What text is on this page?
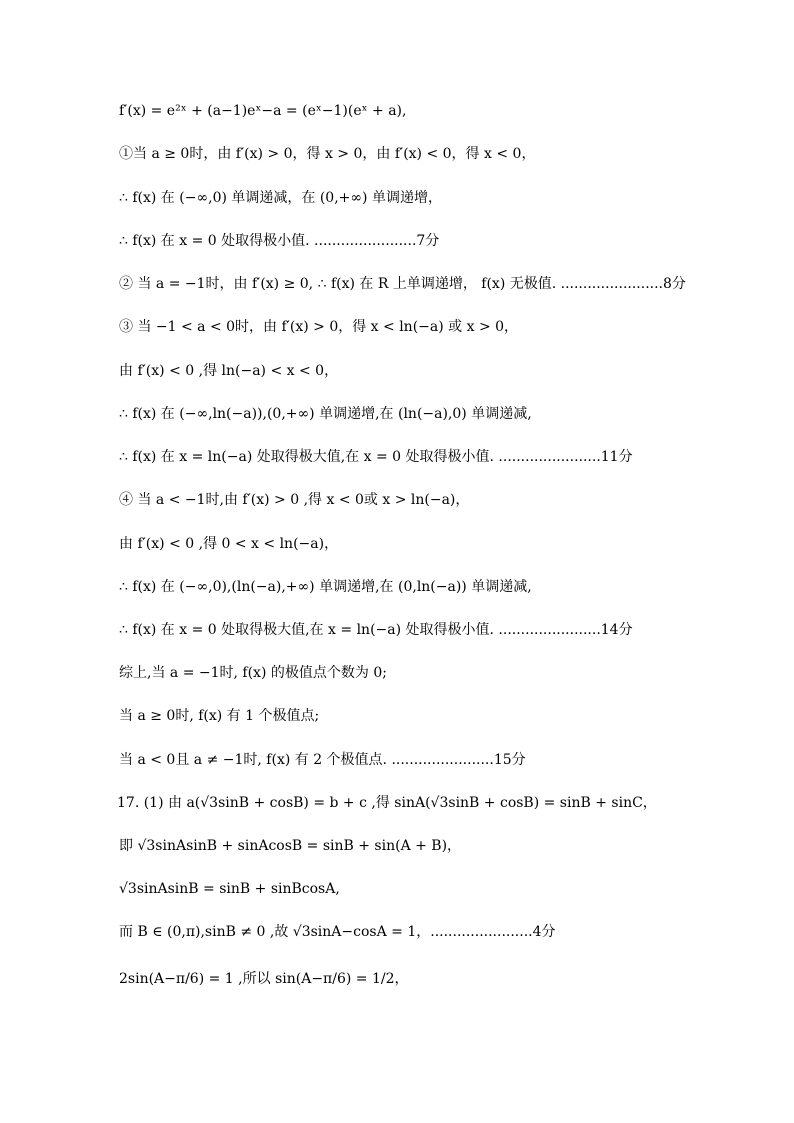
f′(x) = e²ˣ + (a−1)eˣ−a = (eˣ−1)(eˣ + a),
①当 a ≥ 0时，由 f′(x) > 0，得 x > 0，由 f′(x) < 0，得 x < 0，
∴ f(x) 在 (−∞,0) 单调递减，在 (0,+∞) 单调递增，
∴ f(x) 在 x = 0 处取得极小值. .......................7分
② 当 a = −1时，由 f′(x) ≥ 0, ∴ f(x) 在 R 上单调递增， f(x) 无极值. .......................8分
③ 当 −1 < a < 0时，由 f′(x) > 0，得 x < ln(−a) 或 x > 0，
由 f′(x) < 0 ,得 ln(−a) < x < 0，
∴ f(x) 在 (−∞,ln(−a)),(0,+∞) 单调递增,在 (ln(−a),0) 单调递减,
∴ f(x) 在 x = ln(−a) 处取得极大值,在 x = 0 处取得极小值. .......................11分
④ 当 a < −1时,由 f′(x) > 0 ,得 x < 0或 x > ln(−a)，
由 f′(x) < 0 ,得 0 < x < ln(−a)，
∴ f(x) 在 (−∞,0),(ln(−a),+∞) 单调递增,在 (0,ln(−a)) 单调递减,
∴ f(x) 在 x = 0 处取得极大值,在 x = ln(−a) 处取得极小值. .......................14分
综上,当 a = −1时, f(x) 的极值点个数为 0;
当 a ≥ 0时, f(x) 有 1 个极值点;
当 a < 0且 a ≠ −1时, f(x) 有 2 个极值点. .......................15分
17. (1) 由 a(√3sinB + cosB) = b + c ,得 sinA(√3sinB + cosB) = sinB + sinC，
即 √3sinAsinB + sinAcosB = sinB + sin(A + B)，
√3sinAsinB = sinB + sinBcosA,
而 B ∈ (0,π),sinB ≠ 0 ,故 √3sinA−cosA = 1，.......................4分
2sin(A−π/6) = 1 ,所以 sin(A−π/6) = 1/2，
